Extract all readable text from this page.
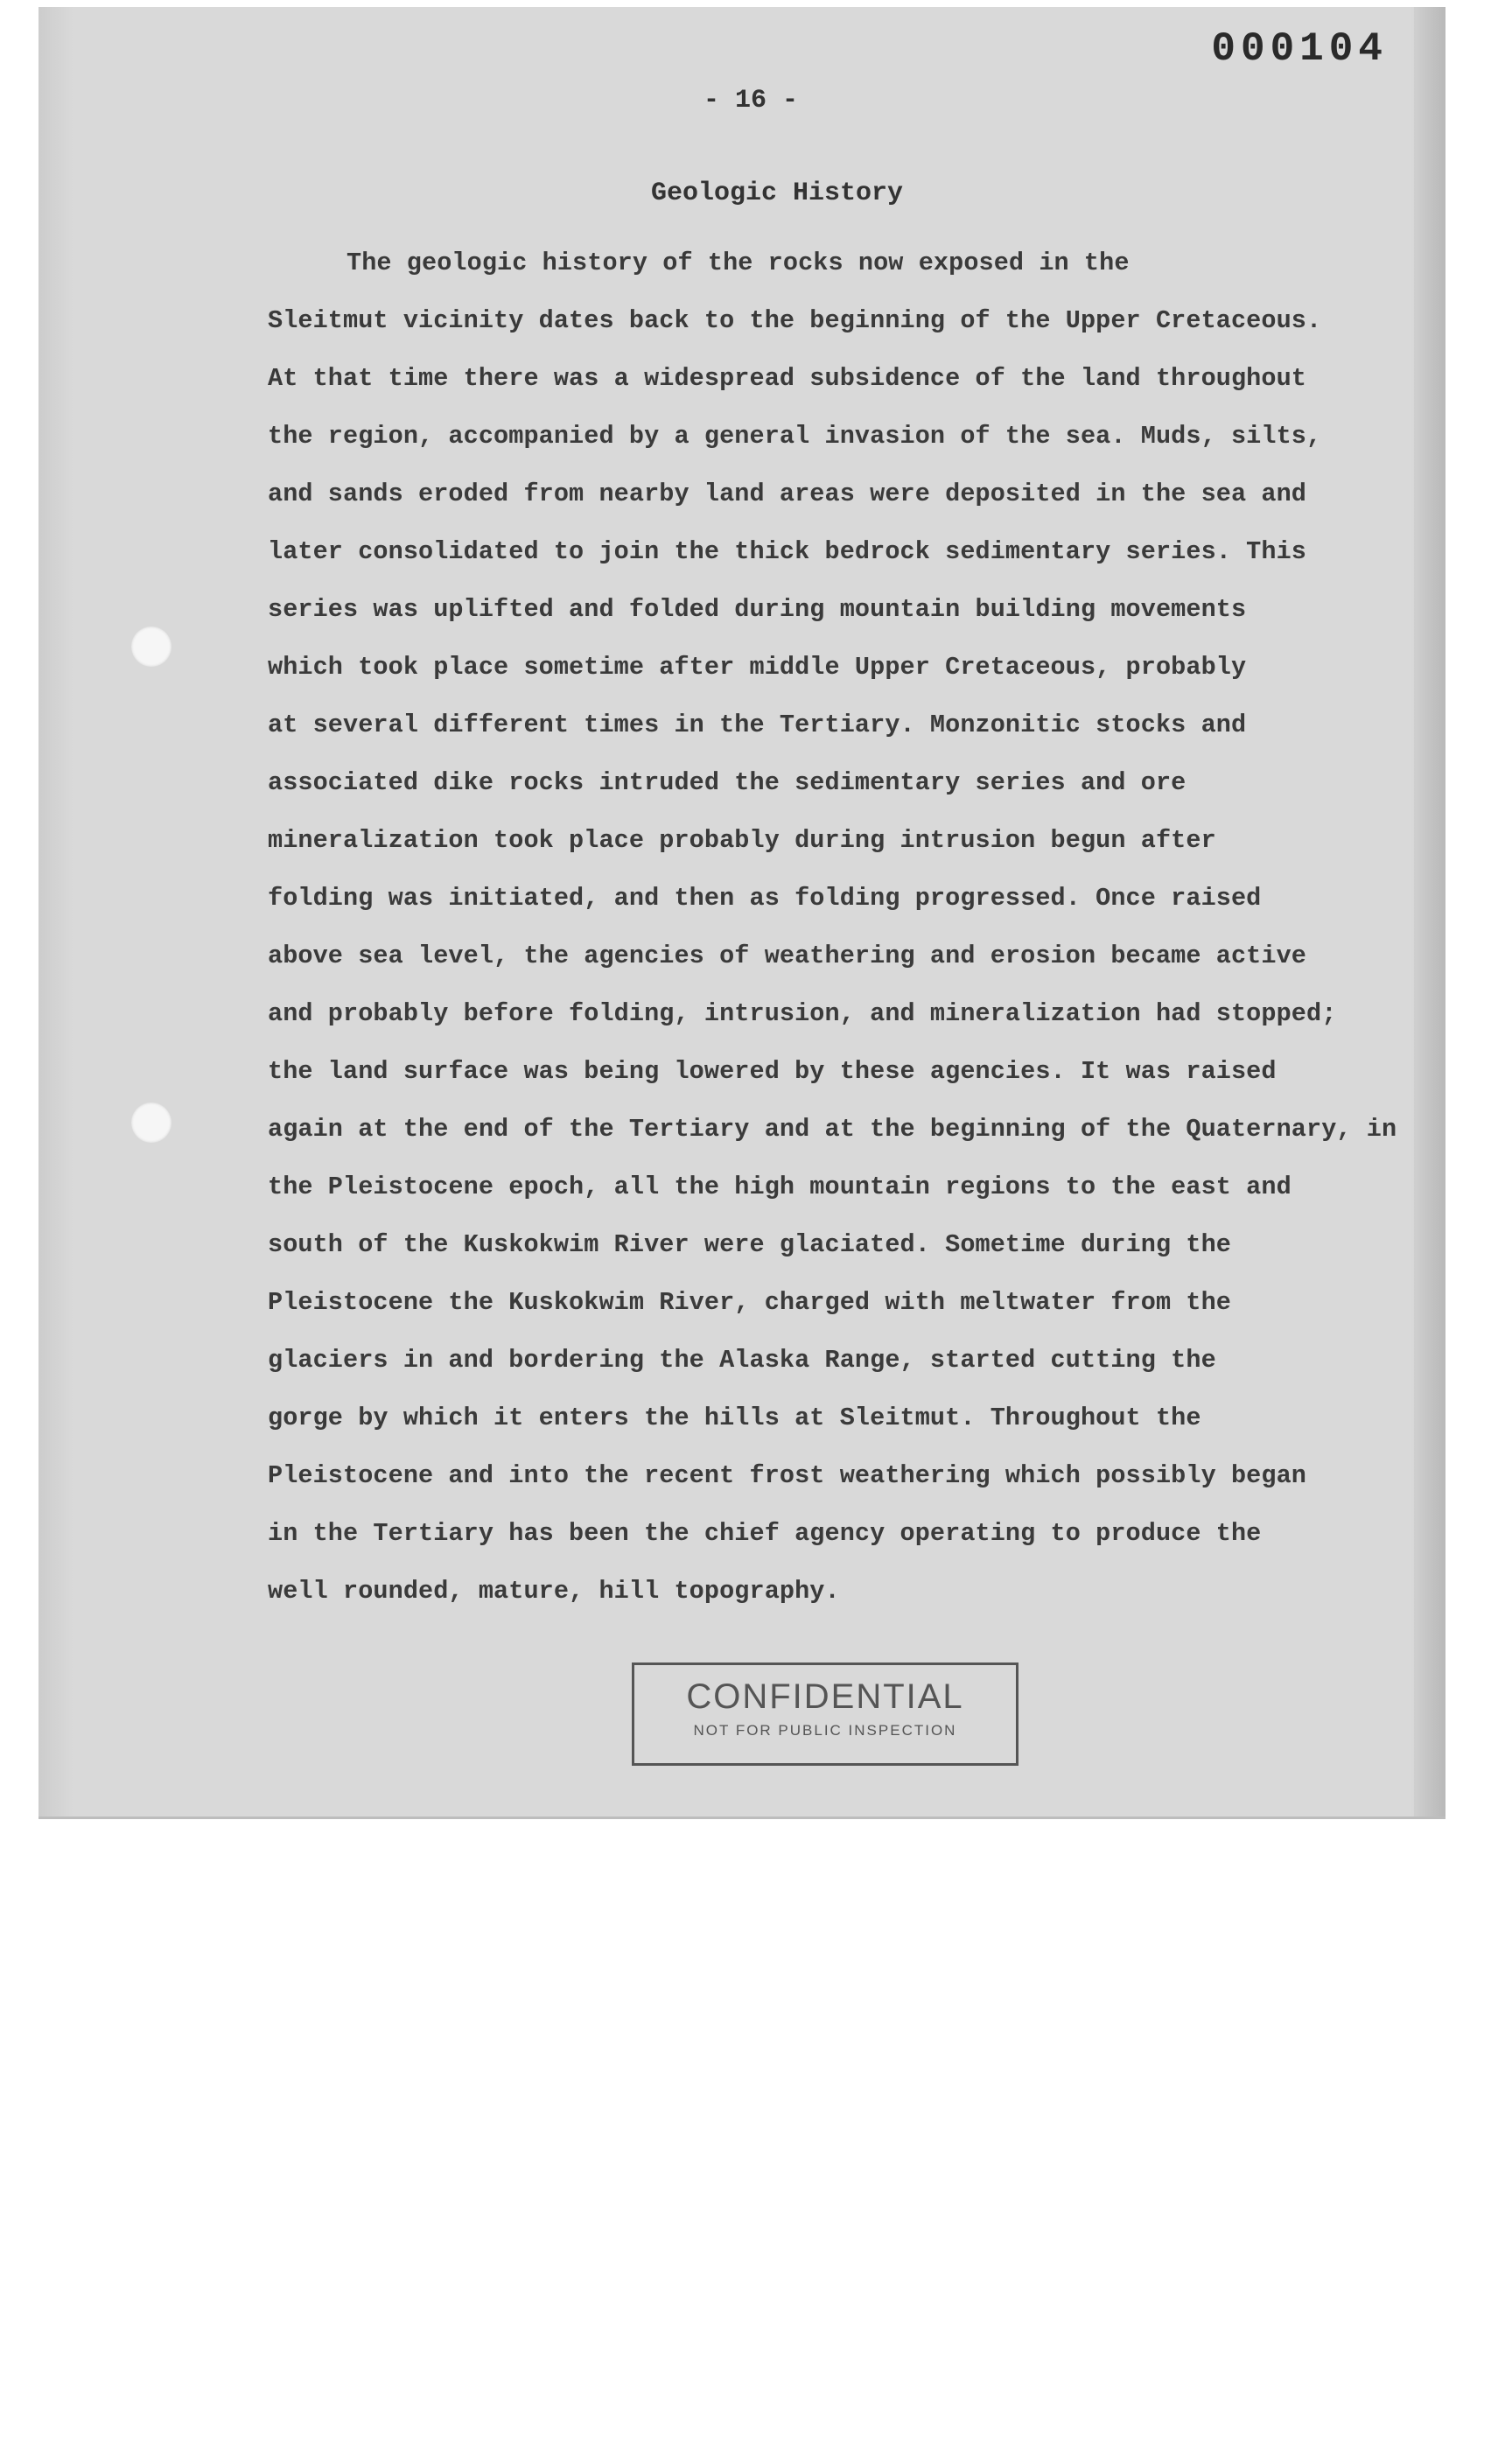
000104
- 16 -
Geologic History
The geologic history of the rocks now exposed in the
Sleitmut vicinity dates back to the beginning of the Upper Cretaceous.
At that time there was a widespread subsidence of the land throughout
the region, accompanied by a general invasion of the sea. Muds, silts,
and sands eroded from nearby land areas were deposited in the sea and
later consolidated to join the thick bedrock sedimentary series. This
series was uplifted and folded during mountain building movements
which took place sometime after middle Upper Cretaceous, probably
at several different times in the Tertiary. Monzonitic stocks and
associated dike rocks intruded the sedimentary series and ore
mineralization took place probably during intrusion begun after
folding was initiated, and then as folding progressed. Once raised
above sea level, the agencies of weathering and erosion became active
and probably before folding, intrusion, and mineralization had stopped;
the land surface was being lowered by these agencies. It was raised
again at the end of the Tertiary and at the beginning of the Quaternary, in
the Pleistocene epoch, all the high mountain regions to the east and
south of the Kuskokwim River were glaciated. Sometime during the
Pleistocene the Kuskokwim River, charged with meltwater from the
glaciers in and bordering the Alaska Range, started cutting the
gorge by which it enters the hills at Sleitmut. Throughout the
Pleistocene and into the recent frost weathering which possibly began
in the Tertiary has been the chief agency operating to produce the
well rounded, mature, hill topography.
CONFIDENTIAL
NOT FOR PUBLIC INSPECTION
